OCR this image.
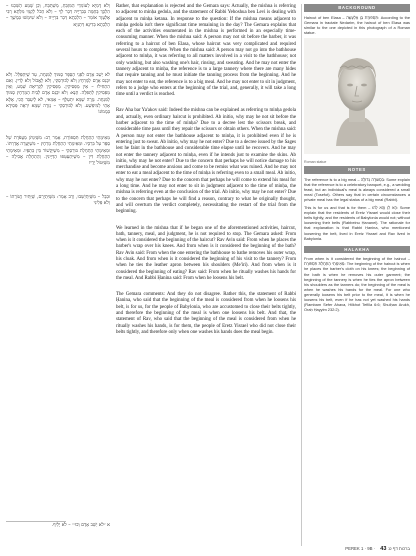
וְלֹא דָּמְיָא לְעוֹמְדֵי הַמִּזְבֵּחַ, מַשְׁתַּבַּח, וְכֵן שָׁמַע הַשְּׁכֵנוּ – הִלְכָּךְ בְּחַמָּה בְּבִרְיָיהּ דְּבַר לְוַי – וְלֹא הַכֹּל לְקַמֵּי מִלְּתָא רַבִּי אֶלְעָזָר אוֹמֵר – הִלְכְתָא דְּבַר בִּרְיָיהּ – וְלֹא שִׁימְשׁוּ בְּמֶשֶׁךְ – הַלְכְתָא בְּדִינָא דְּתַנְיָא
לֹא יֵשֵׁב אָדָם לִפְנֵי הַסַּפָּר סָמוּךְ לַמִּנְחָה, עַד שֶׁיִּתְפַּלֵּל. וְלֹא יִכָּנֵס אָדָם לַמֶּרְחָץ וְלֹא לַבּוּרְסְקִי, וְלֹא לֶאֱכוֹל וְלֹא לָדִין. וְאִם הִתְחִילוּ – אֵין מַפְסִיקִין. מַפְסִיקִין לִקְרִיאַת שְׁמַע, וְאֵין מַפְסִיקִין לַתְּפִלָּה. תָּנָא: וְלֹא יִכָּנֵס אָדָם לְבֵית הַמֶּרְחָץ סָמוּךְ לַמִּנְחָה. גְּזֵרָה שֶׁמָּא יִתְעַלֶּף – אַמַּאי, לֹא לֶיעְבֵּד הָכִי, אֶלָּא אָתֵי לְמִיפְשַׁע. וְלֹא לַבּוּרְסְקִי – גְּזֵרָה שֶׁמָּא יִרְאֶה פְּסֵידָא בְּמָמוֹנוֹ
מֵאֵימָתַי הַתְחָלַת תִּסְפּוֹרֶת, אָמַר רַב: מִשֶּׁיִּנְתֹּן מַעֲפֹרֶת שֶׁל סַפָּר עַל בִּרְכָּיו. וּמֵאֵימָתַי הַתְחָלַת מֶרְחָץ – מִשֶּׁיַּעֲרֶה אֲדַרְתּוֹ. וּמֵאֵימָתַי הַתְחָלַת בּוּרְסְקִי – מִשֶּׁיִּקְשׁוֹר בֵּין כְּתֵפָיו. וּמֵאֵימָתַי הַתְחָלַת דִּין – מִשֶּׁיִּתְעַטְּפוּ הַדַּיָּינִין. וְהַתְחָלַת אֲכִילָה – מִשֶּׁיִּטּוֹל יָדָיו
וּבְבֶל – מִשֶּׁיִּתְיַשְּׁבוּ, וְרַב אָמַר: מִשֶּׁיִּתְיָרֵם, שֶׁיַּתִּיר חֲגוֹרָתוֹ – וְלֹא פְּלִיגִי
Rather, that explanation is rejected and the Gemara says: Actually, the mishna is referring to adjacent to minḥa gedola, and the statement of Rabbi Yehoshua ben Levi is dealing with adjacent to minḥa ketana. In response to the question: If the mishna means adjacent to minḥa gedola isn't there significant time remaining in the day? The Gemara explains that each of the activities enumerated in the mishna is performed in an especially time-consuming manner. When the mishna said: A person may not sit before the barber, it was referring to a haircut of ben Elasa, whose haircut was very complicated and required several hours to complete. When the mishna said: A person may not go into the bathhouse adjacent to minḥa, it was referring to all matters involved in a visit to the bathhouse; not only washing, but also washing one's hair, rinsing, and sweating. And he may not enter the tannery adjacent to minḥa, the reference is to a large tannery where there are many hides that require tanning and he must initiate the tanning process from the beginning. And he may not enter to eat, the reference is to a big meal. And he may not enter to sit in judgment, refers to a judge who enters at the beginning of the trial, and, generally, it will take a long time until a verdict is reached.
Rav Aha bar Ya'akov said: Indeed the mishna can be explained as referring to minḥa gedola and, actually, even ordinary haircut is prohibited. Ab initio, why may he not sit before the barber adjacent to the time of minḥa? Due to a decree lest the scissors break, and considerable time pass until they repair the scissors or obtain others. When the mishna said: A person may not enter the bathhouse adjacent to minḥa, it is prohibited even if he is entering just to sweat. Ab initio, why may he not enter? Due to a decree issued by the Sages lest he faint in the bathhouse and considerable time elapse until he recovers. And he may not enter the tannery adjacent to minḥa, even if he intends just to examine the skins. Ab initio, why may he not enter? Due to the concern that perhaps he will notice damage to his merchandise and become anxious and come to be remiss what was ruined. And he may not enter to eat a meal adjacent to the time of minḥa is referring even to a small meal. Ab initio, why may he not enter? Due to the concern that perhaps he will come to extend his meal for a long time. And he may not enter to sit in judgment adjacent to the time of minḥa, the mishna is referring even at the conclusion of the trial. Ab initio, why may he not enter? Due to the concern that perhaps he will find a reason, contrary to what he originally thought, and will overturn the verdict completely, necessitating the restart of the trial from the beginning.
We learned in the mishna that if he began one of the aforementioned activities, haircut, bath, tannery, meal, and judgment, he is not required to stop. The Gemara asked: From when is it considered the beginning of the haircut? Rav Avin said: From when he places the barber's wrap over his knees. And from when is it considered the beginning of the bath? Rav Avin said: From when the one entering the bathhouse to bathe removes his outer wrap, his cloak. And from when is it considered the beginning of his visit to the tannery? From when he ties the leather apron between his shoulders (Me'iri). And from when is it considered the beginning of eating? Rav said: From when he ritually washes his hands for the meal. And Rabbi Ḥanina said: From when he loosens his belt.
The Gemara comments: And they do not disagree. Rather this, the statement of Rabbi Ḥanina, who said that the beginning of the meal is considered from when he loosens his belt, is for us, for the people of Babylonia, who are accustomed to close their belts tightly, and therefore the beginning of the meal is when one loosens his belt. And that, the statement of Rav, who said that the beginning of the meal is considered from when he ritually washes his hands, is for them, the people of Eretz Yisrael who did not close their belts tightly, and therefore only when one washes his hands does the meal begin.
BACKGROUND
Haircut of ben Elasa – תִּסְפּוֹרֶת בֶּן אֶלְעָשָׂה: According to the Gemara in tractate Nedarim, the haircut of ben Elasa was similar to the one depicted in this photograph of a Roman statue.
Roman statue
NOTES
The reference is to a big meal – בִּסְעוּדָה גְּדוֹלָה: Some explain that the reference is to a celebratory banquet, e.g., a wedding feast, but an individual's meal is always considered a small meal (Tosefot). Others say that in certain circumstances a private meal has the legal status of a big meal (Rabbi).
This is for us and that is for them – הָא לַן וְהָא לְהוּ: Some explain that the residents of Eretz Yisrael would close their belts tightly, and the residents of Babylonia would not; without loosening their belts (Rabbeinu Ḥananel). The rationale for that explanation is that Rabbi Ḥanina, who mentioned loosening the belt, lived in Eretz Yisrael and Rav lived in Babylonia.
HALAKHA
From when is it considered the beginning of the haircut – מֵאֵימָתַי הַתְחָלַת תִּסְפּוֹרֶת: The beginning of the haircut is when he places the barber's cloth on his knees; the beginning of the bath is when he removes his outer garment; the beginning of the tannery is when he ties the apron between his shoulders as the tanners do; the beginning of the meal is when he washes his hands for the meal. For one who generally loosens his belt prior to the meal, it is when he loosens his belt, even if he has not yet washed his hands (Rambam Sefer Ahava, Hilkhot Tefilla 6:6; Shulḥan Arukh, Oraḥ Ḥayyim 232:2).
א ״לֹא יֵשֵׁב אָדָם וְכוּ׳״ – לֹא יָלֵיף.
PEREK 1 · 9B · ברכות דף ט: 43
